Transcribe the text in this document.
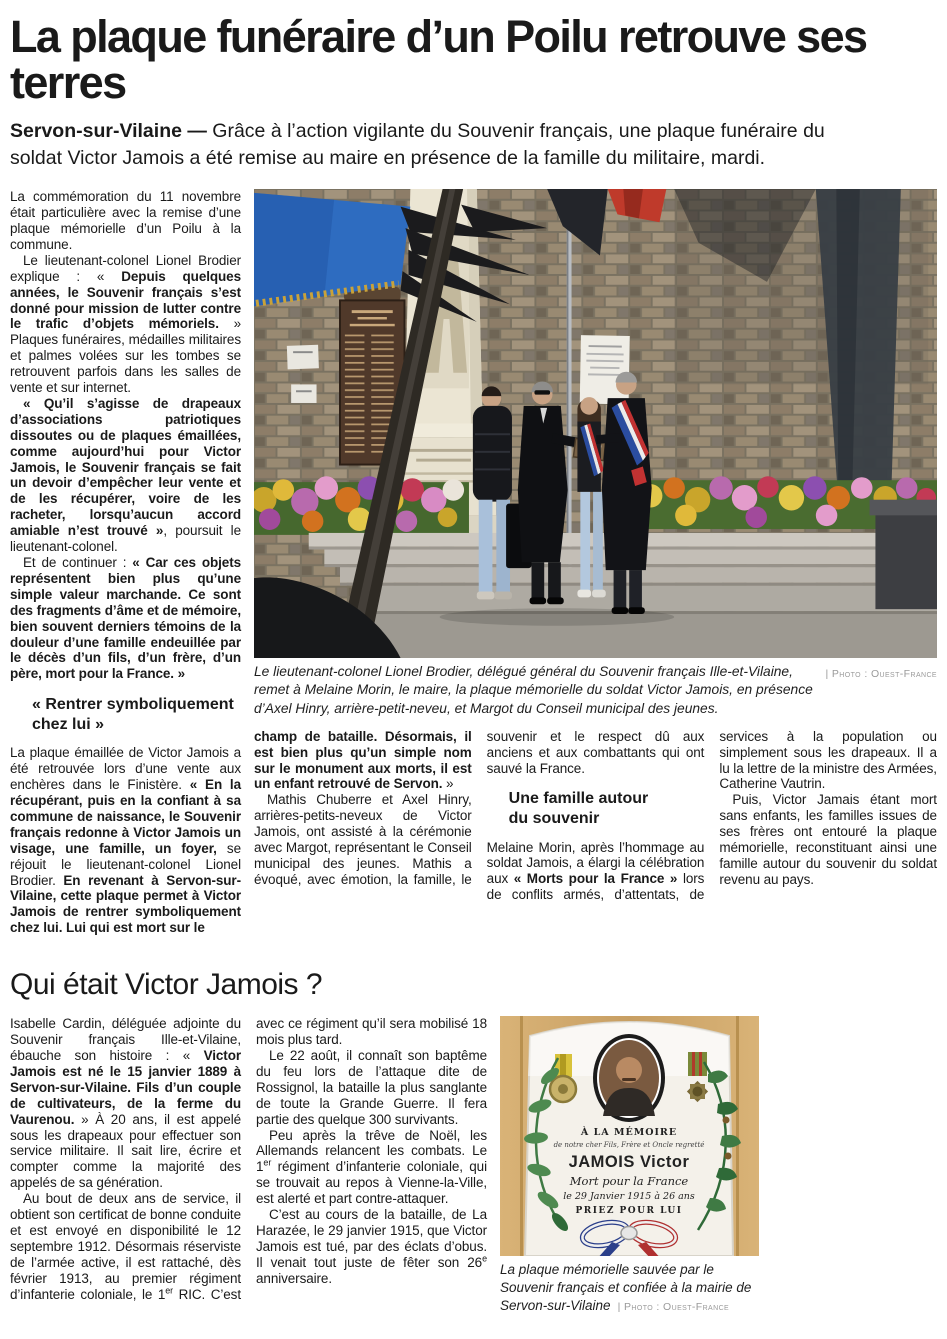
La plaque funéraire d’un Poilu retrouve ses terres

Servon-sur-Vilaine — Grâce à l’action vigilante du Souvenir français, une plaque funéraire du soldat Victor Jamois a été remise au maire en présence de la famille du militaire, mardi.

La commémoration du 11 novembre était particulière avec la remise d’une plaque mémorielle d’un Poilu à la commune.

Le lieutenant-colonel Lionel Brodier explique : « Depuis quelques années, le Souvenir français s’est donné pour mission de lutter contre le trafic d’objets mémoriels. » Plaques funéraires, médailles militaires et palmes volées sur les tombes se retrouvent parfois dans les salles de vente et sur internet.

« Qu’il s’agisse de drapeaux d’associations patriotiques dissoutes ou de plaques émaillées, comme aujourd’hui pour Victor Jamois, le Souvenir français se fait un devoir d’empêcher leur vente et de les récupérer, voire de les racheter, lorsqu’aucun accord amiable n’est trouvé », poursuit le lieutenant-colonel.

Et de continuer : « Car ces objets représentent bien plus qu’une simple valeur marchande. Ce sont des fragments d’âme et de mémoire, bien souvent derniers témoins de la douleur d’une famille endeuillée par le décès d’un fils, d’un frère, d’un père, mort pour la France. »

« Rentrer symboliquement
chez lui »

La plaque émaillée de Victor Jamois a été retrouvée lors d’une vente aux enchères dans le Finistère. « En la récupérant, puis en la confiant à sa commune de naissance, le Souvenir français redonne à Victor Jamois un visage, une famille, un foyer, se réjouit le lieutenant-colonel Lionel Brodier. En revenant à Servon-sur-Vilaine, cette plaque permet à Victor Jamois de rentrer symboliquement chez lui. Lui qui est mort sur le

| Photo : Ouest-France
Le lieutenant-colonel Lionel Brodier, délégué général du Souvenir français Ille-et-Vilaine, remet à Melaine Morin, le maire, la plaque mémorielle du soldat Victor Jamois, en présence d’Axel Hinry, arrière-petit-neveu, et Margot du Conseil municipal des jeunes.

champ de bataille. Désormais, il est bien plus qu’un simple nom sur le monument aux morts, il est un enfant retrouvé de Servon. »

Mathis Chuberre et Axel Hinry, arrières-petits-neveux de Victor Jamois, ont assisté à la cérémonie avec Margot, représentant le Conseil municipal des jeunes. Mathis a évoqué, avec émotion, la famille, le souvenir et le respect dû aux anciens et aux combattants qui ont sauvé la France.

Une famille autour
du souvenir

Melaine Morin, après l’hommage au soldat Jamois, a élargi la célébration aux « Morts pour la France » lors de conflits armés, d’attentats, de services à la population ou simplement sous les drapeaux. Il a lu la lettre de la ministre des Armées, Catherine Vautrin.

Puis, Victor Jamais étant mort sans enfants, les familles issues de ses frères ont entouré la plaque mémorielle, reconstituant ainsi une famille autour du souvenir du soldat revenu au pays.

Qui était Victor Jamois ?

Isabelle Cardin, déléguée adjointe du Souvenir français Ille-et-Vilaine, ébauche son histoire : « Victor Jamois est né le 15 janvier 1889 à Servon-sur-Vilaine. Fils d’un couple de cultivateurs, de la ferme du Vaurenou. » À 20 ans, il est appelé sous les drapeaux pour effectuer son service militaire. Il sait lire, écrire et compter comme la majorité des appelés de sa génération.

Au bout de deux ans de service, il obtient son certificat de bonne conduite et est envoyé en disponibilité le 12 septembre 1912. Désormais réserviste de l’armée active, il est rattaché, dès février 1913, au premier régiment d’infanterie coloniale, le 1er RIC. C’est avec ce régiment qu’il sera mobilisé 18 mois plus tard.

Le 22 août, il connaît son baptême du feu lors de l’attaque dite de Rossignol, la bataille la plus sanglante de toute la Grande Guerre. Il fera partie des quelque 300 survivants.

Peu après la trêve de Noël, les Allemands relancent les combats. Le 1er régiment d’infanterie coloniale, qui se trouvait au repos à Vienne-la-Ville, est alerté et part contre-attaquer.

C’est au cours de la bataille, de La Harazée, le 29 janvier 1915, que Victor Jamois est tué, par des éclats d’obus. Il venait tout juste de fêter son 26e anniversaire.

À LA MÉMOIRE
de notre cher Fils, Frère et Oncle regretté
JAMOIS Victor
Mort pour la France
le 29 Janvier 1915 à 26 ans
PRIEZ POUR LUI
La plaque mémorielle sauvée par le Souvenir français et confiée à la mairie de Servon-sur-Vilaine | Photo : Ouest-France
